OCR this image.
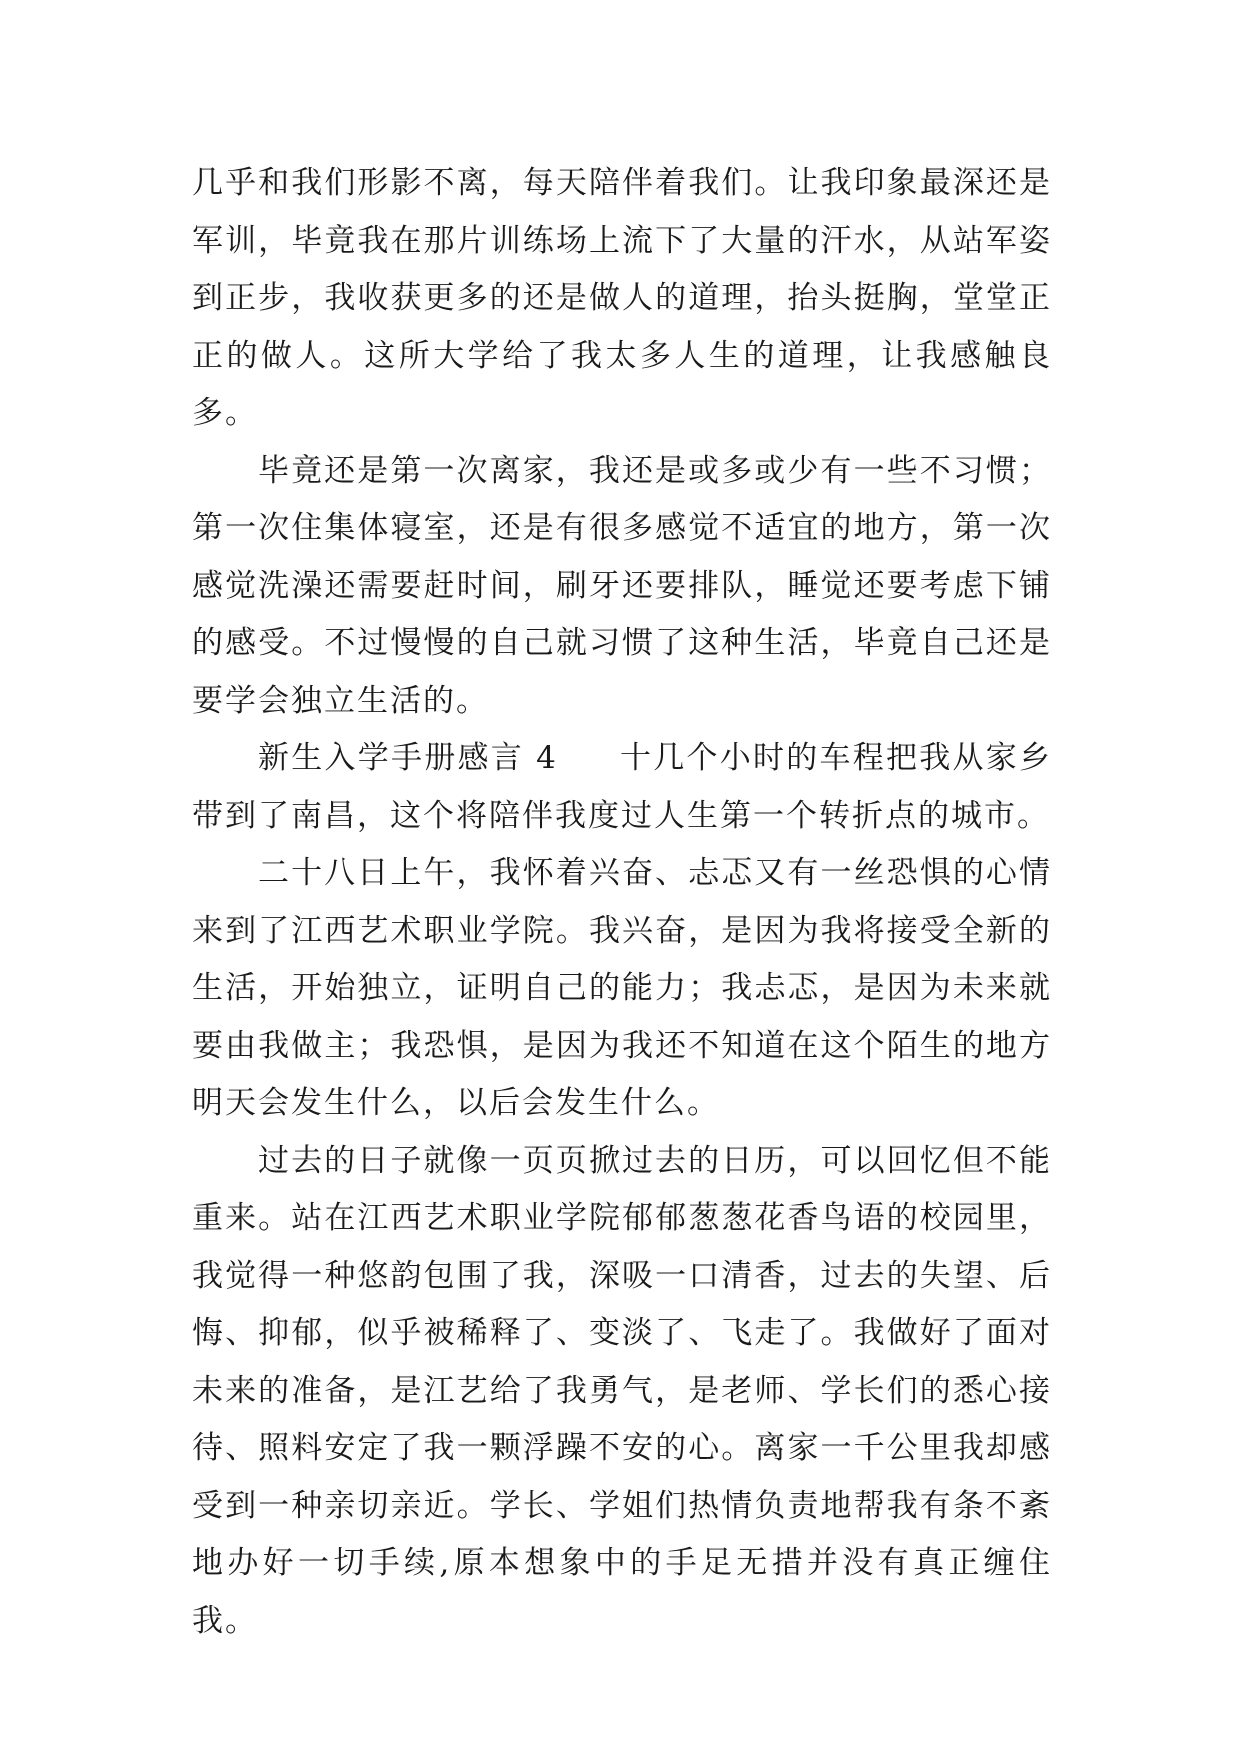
几乎和我们形影不离，每天陪伴着我们。让我印象最深还是军训，毕竟我在那片训练场上流下了大量的汗水，从站军姿到正步，我收获更多的还是做人的道理，抬头挺胸，堂堂正正的做人。这所大学给了我太多人生的道理，让我感触良多。

毕竟还是第一次离家，我还是或多或少有一些不习惯；第一次住集体寝室，还是有很多感觉不适宜的地方，第一次感觉洗澡还需要赶时间，刷牙还要排队，睡觉还要考虑下铺的感受。不过慢慢的自己就习惯了这种生活，毕竟自己还是要学会独立生活的。

新生入学手册感言 4 十几个小时的车程把我从家乡带到了南昌，这个将陪伴我度过人生第一个转折点的城市。

二十八日上午，我怀着兴奋、忐忑又有一丝恐惧的心情来到了江西艺术职业学院。我兴奋，是因为我将接受全新的生活，开始独立，证明自己的能力；我忐忑，是因为未来就要由我做主；我恐惧，是因为我还不知道在这个陌生的地方明天会发生什么，以后会发生什么。

过去的日子就像一页页掀过去的日历，可以回忆但不能重来。站在江西艺术职业学院郁郁葱葱花香鸟语的校园里，我觉得一种悠韵包围了我，深吸一口清香，过去的失望、后悔、抑郁，似乎被稀释了、变淡了、飞走了。我做好了面对未来的准备，是江艺给了我勇气，是老师、学长们的悉心接待、照料安定了我一颗浮躁不安的心。离家一千公里我却感受到一种亲切亲近。学长、学姐们热情负责地帮我有条不紊地办好一切手续,原本想象中的手足无措并没有真正缠住我。
